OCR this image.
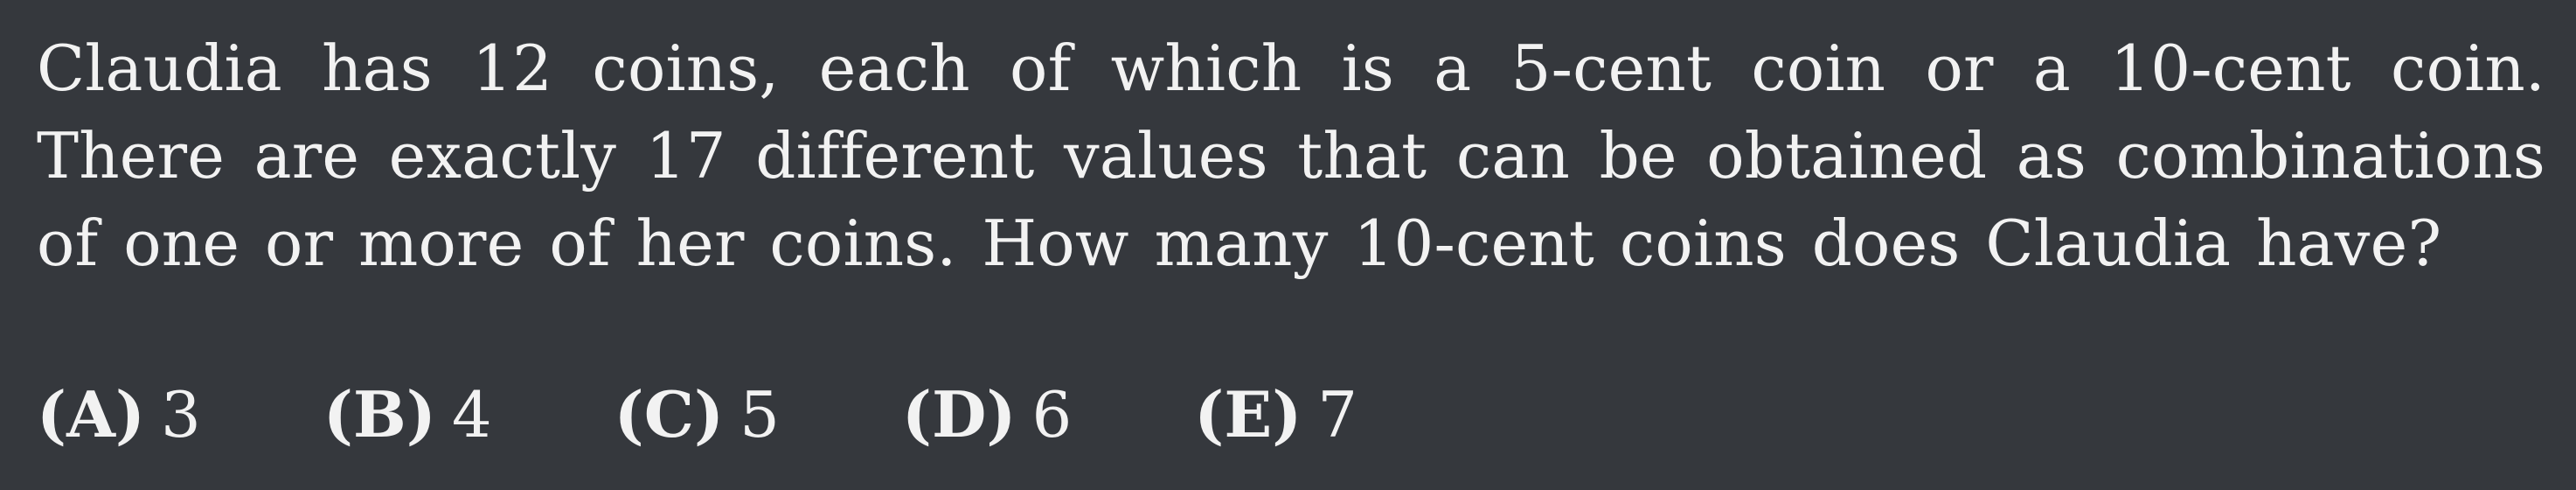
Claudia has 12 coins, each of which is a 5-cent coin or a 10-cent coin. There are exactly 17 different values that can be obtained as combinations of one or more of her coins. How many 10-cent coins does Claudia have?

(A) 3 (B) 4 (C) 5 (D) 6 (E) 7
